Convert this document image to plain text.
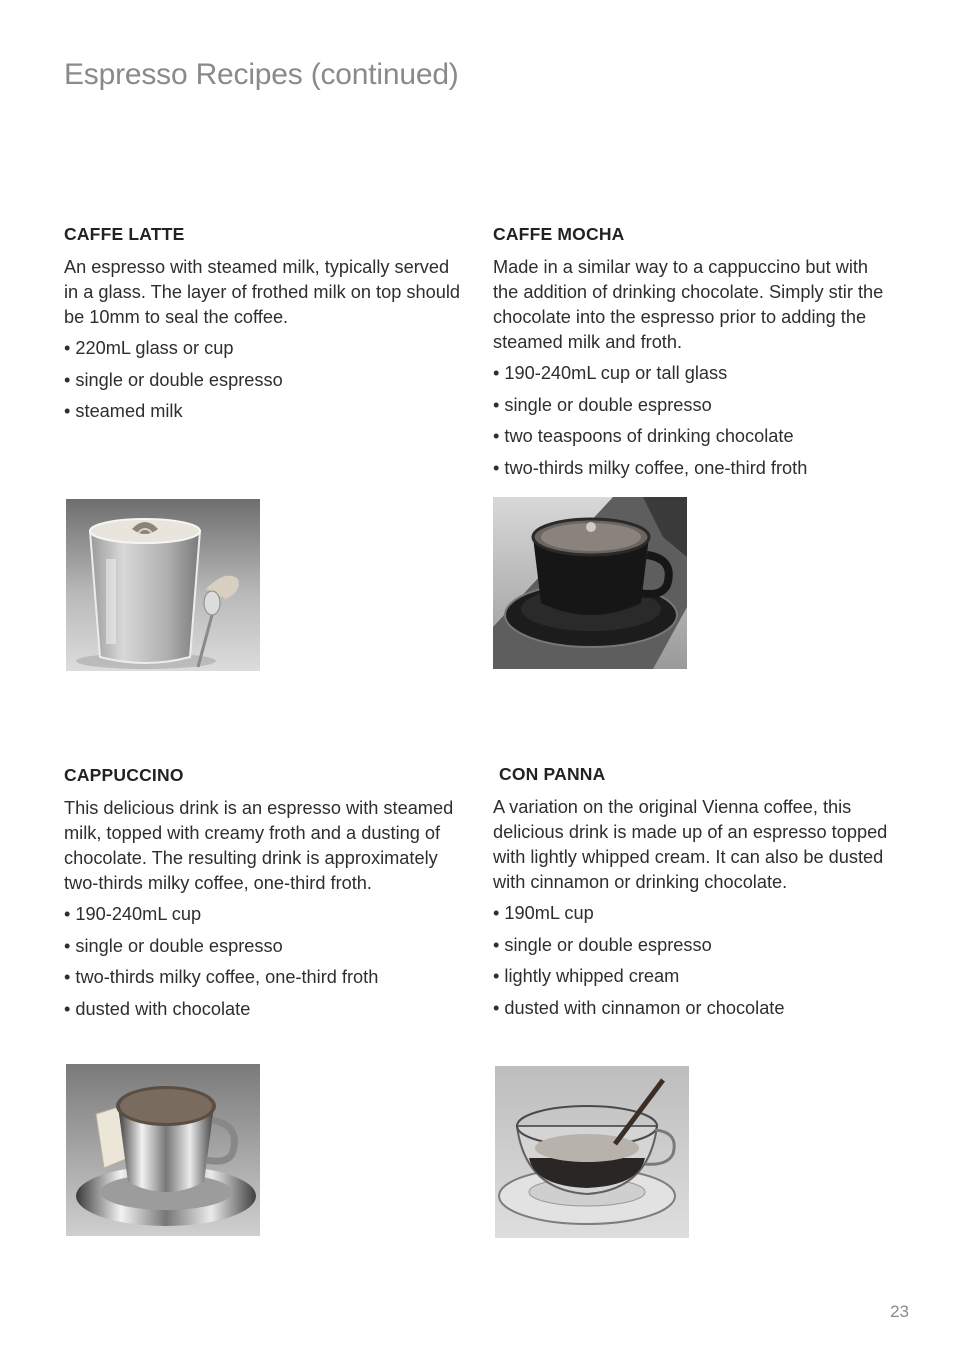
Espresso Recipes (continued)
CAFFE LATTE

An espresso with steamed milk, typically served in a glass. The layer of frothed milk on top should be 10mm to seal the coffee.

• 220mL glass or cup
• single or double espresso
• steamed milk
CAFFE MOCHA

Made in a similar way to a cappuccino but with the addition of drinking chocolate. Simply stir the chocolate into the espresso prior to adding the steamed milk and froth.

• 190-240mL cup or tall glass
• single or double espresso
• two teaspoons of drinking chocolate
• two-thirds milky coffee, one-third froth
CAPPUCCINO

This delicious drink is an espresso with steamed milk, topped with creamy froth and a dusting of chocolate. The resulting drink is approximately two-thirds milky coffee, one-third froth.

• 190-240mL cup
• single or double espresso
• two-thirds milky coffee, one-third froth
• dusted with chocolate
CON PANNA

A variation on the original Vienna coffee, this delicious drink is made up of an espresso topped with lightly whipped cream. It can also be dusted with cinnamon or drinking chocolate.

• 190mL cup
• single or double espresso
• lightly whipped cream
• dusted with cinnamon or chocolate
23
